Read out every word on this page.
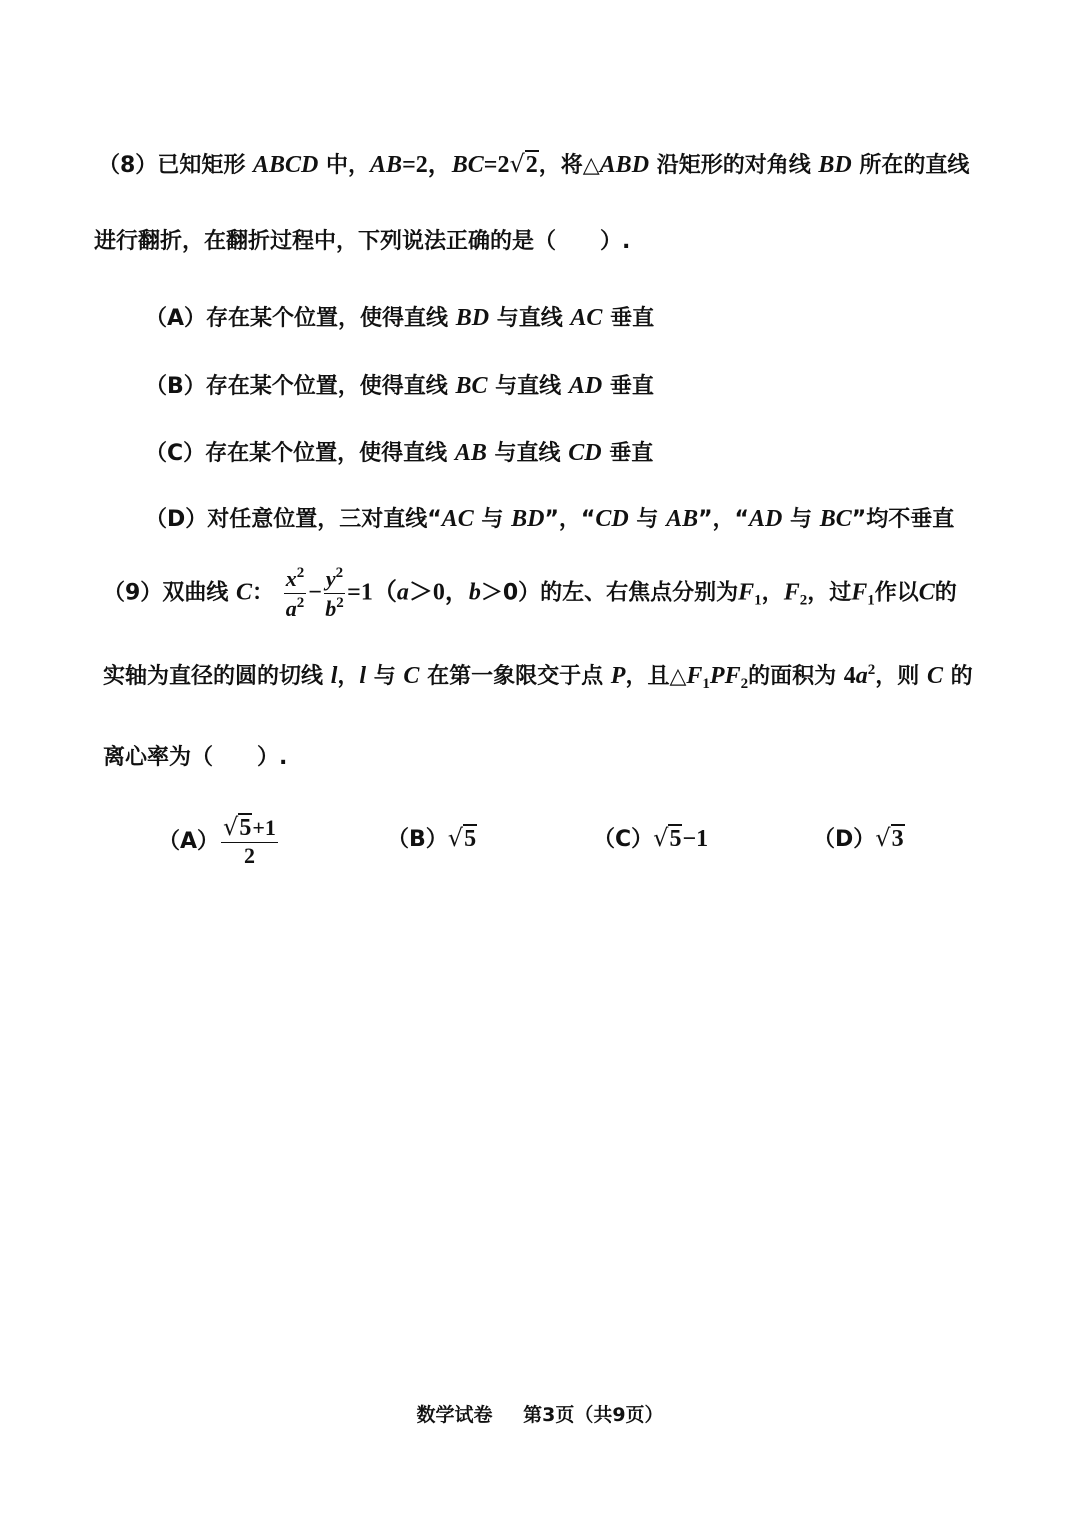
（8）已知矩形 ABCD 中，AB=2，BC=2√2，将△ABD 沿矩形的对角线 BD 所在的直线
进行翻折，在翻折过程中，下列说法正确的是（　　）.
（A）存在某个位置，使得直线 BD 与直线 AC 垂直
（B）存在某个位置，使得直线 BC 与直线 AD 垂直
（C）存在某个位置，使得直线 AB 与直线 CD 垂直
（D）对任意位置，三对直线“AC 与 BD”，“CD 与 AB”，“AD 与 BC”均不垂直
（9）双曲线 C： $\frac{x^2}{a^2} - \frac{y^2}{b^2} =1(a>0$，b＞0）的左、右焦点分别为$F_1$，$F_2$，过$F_1$作以C的
实轴为直径的圆的切线 l，l 与 C 在第一象限交于点 P，且$\triangle F_1PF_2$的面积为 $4a^2$，则 C 的
离心率为（　　）.
$(A) \frac{√5+1}{2}$	（B）√5	（C）√5−1	（D）√3
数学试卷 第3页（共9页）
